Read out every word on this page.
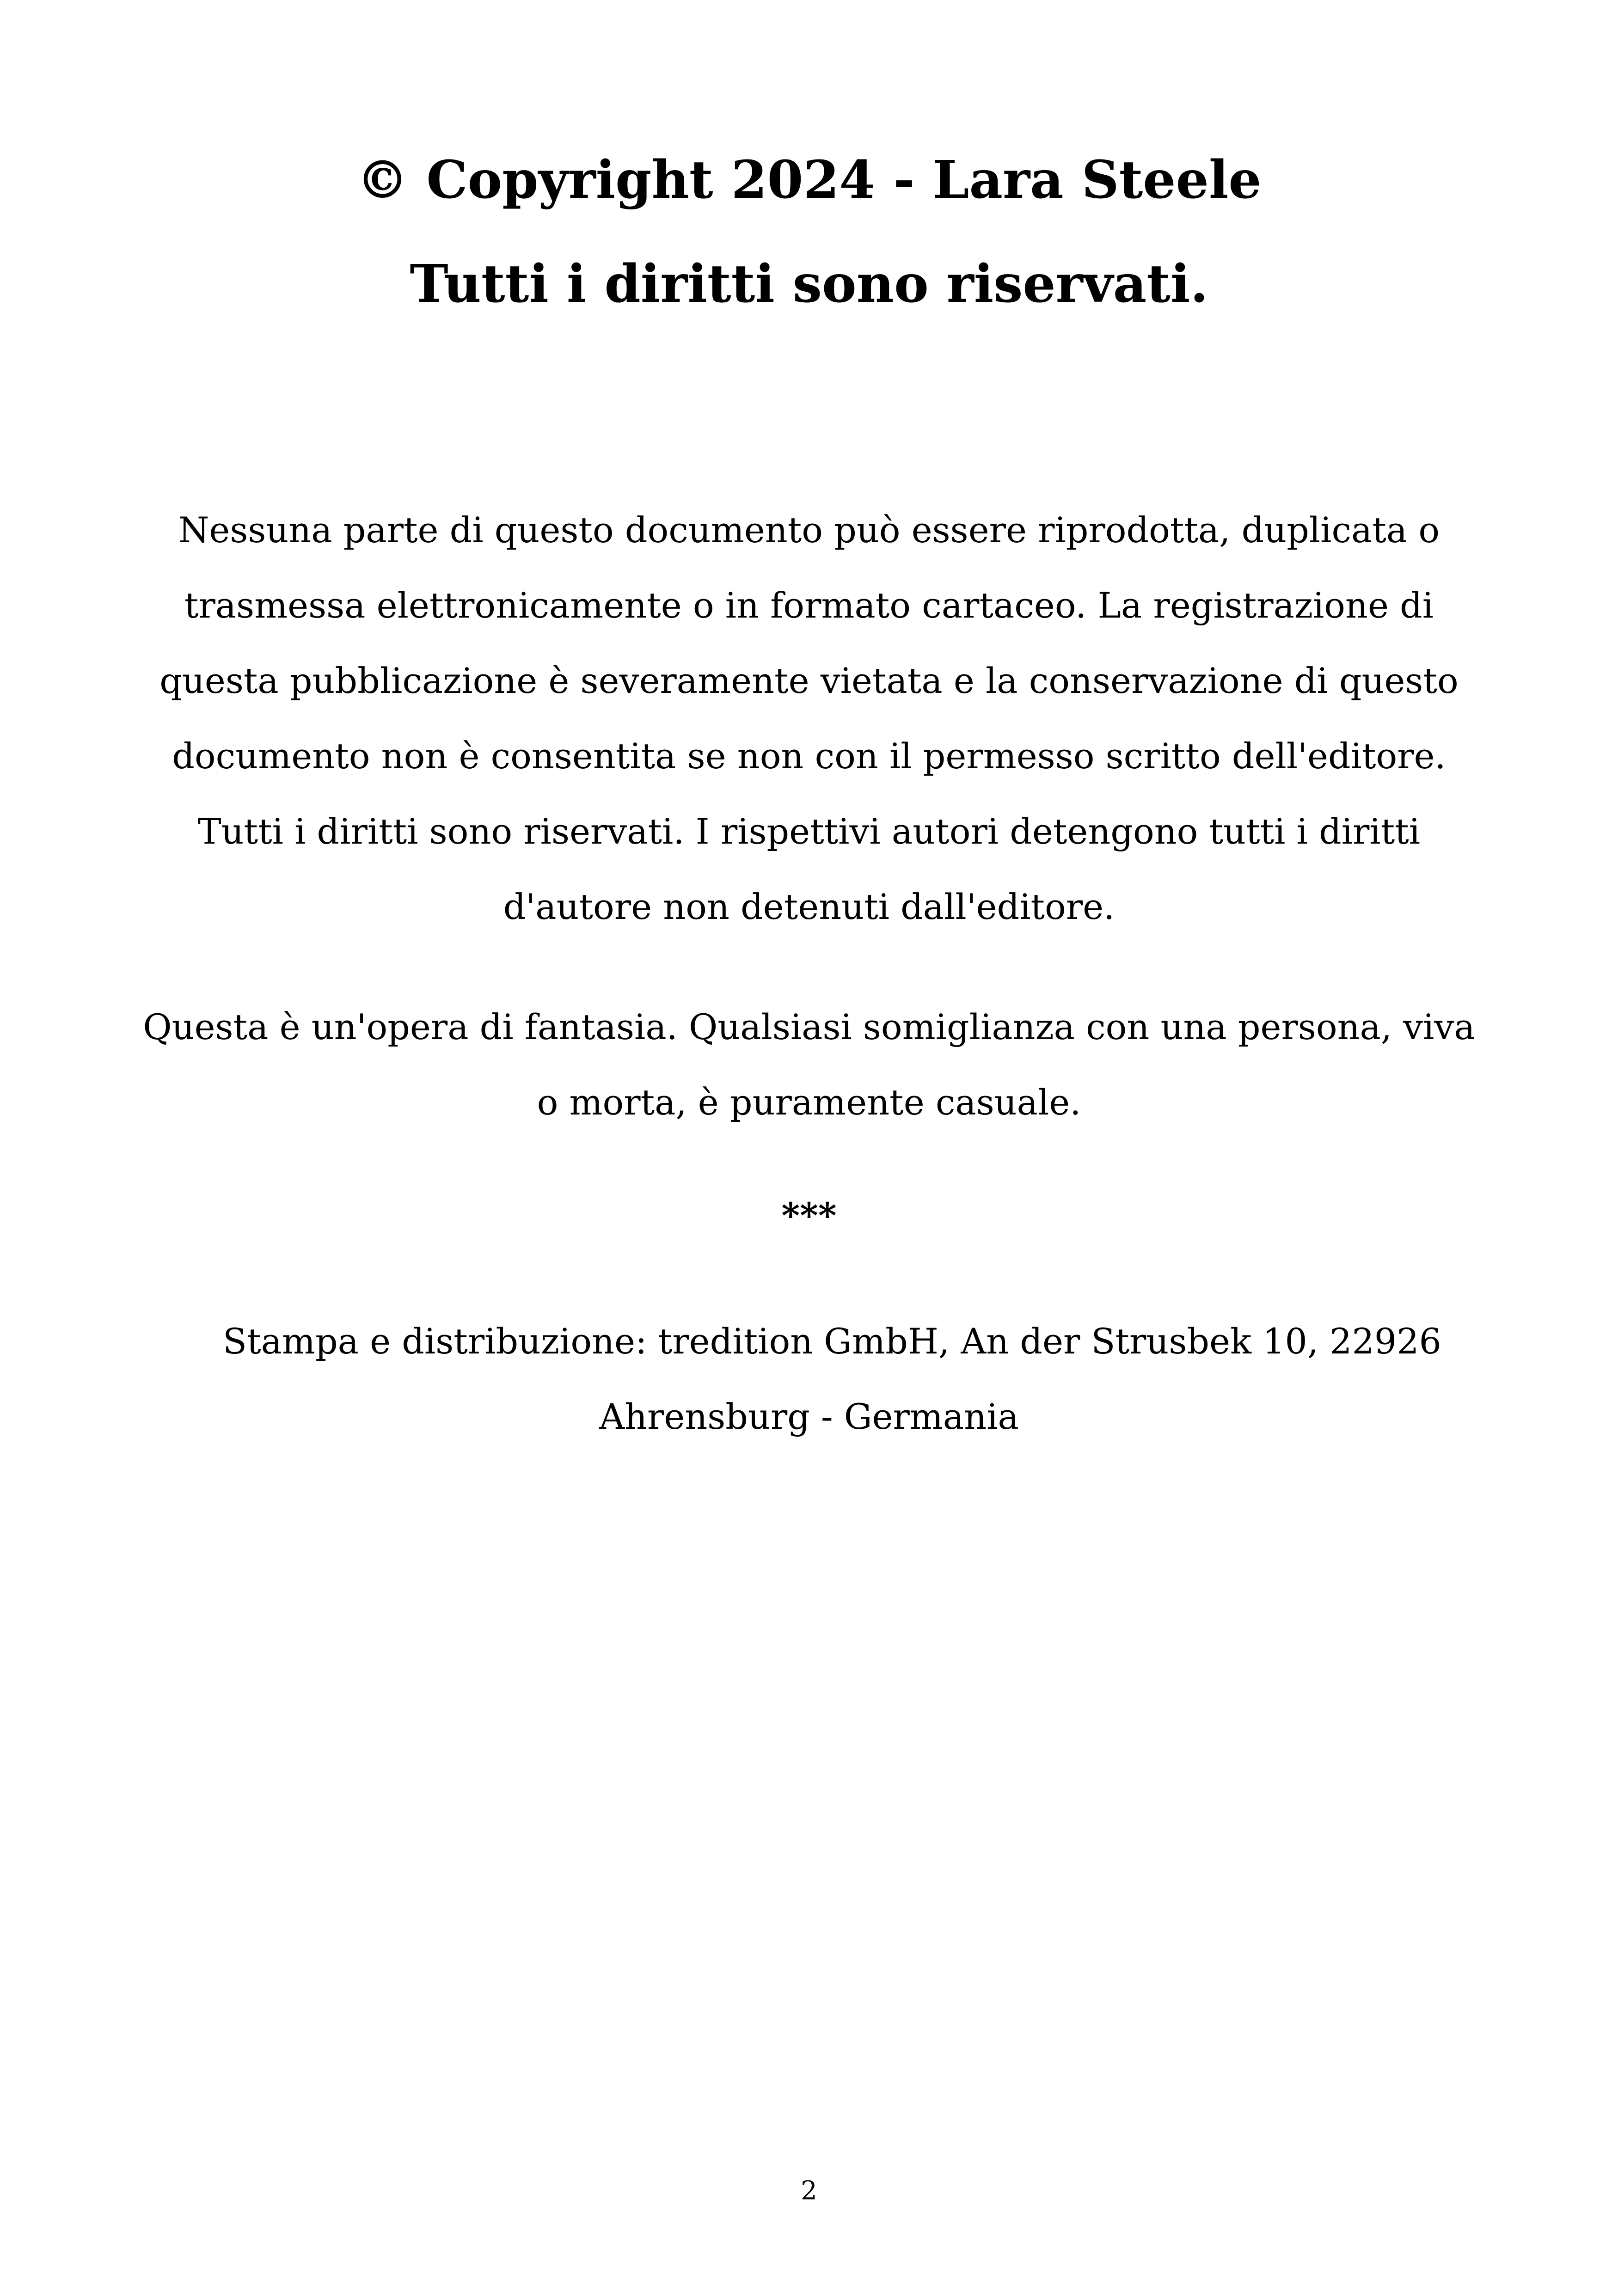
© Copyright 2024 - Lara Steele
Tutti i diritti sono riservati.

Nessuna parte di questo documento può essere riprodotta, duplicata o
trasmessa elettronicamente o in formato cartaceo. La registrazione di
questa pubblicazione è severamente vietata e la conservazione di questo
documento non è consentita se non con il permesso scritto dell'editore.
Tutti i diritti sono riservati. I rispettivi autori detengono tutti i diritti
d'autore non detenuti dall'editore.

Questa è un'opera di fantasia. Qualsiasi somiglianza con una persona, viva
o morta, è puramente casuale.

***

Stampa e distribuzione: tredition GmbH, An der Strusbek 10, 22926

Ahrensburg - Germania

2
